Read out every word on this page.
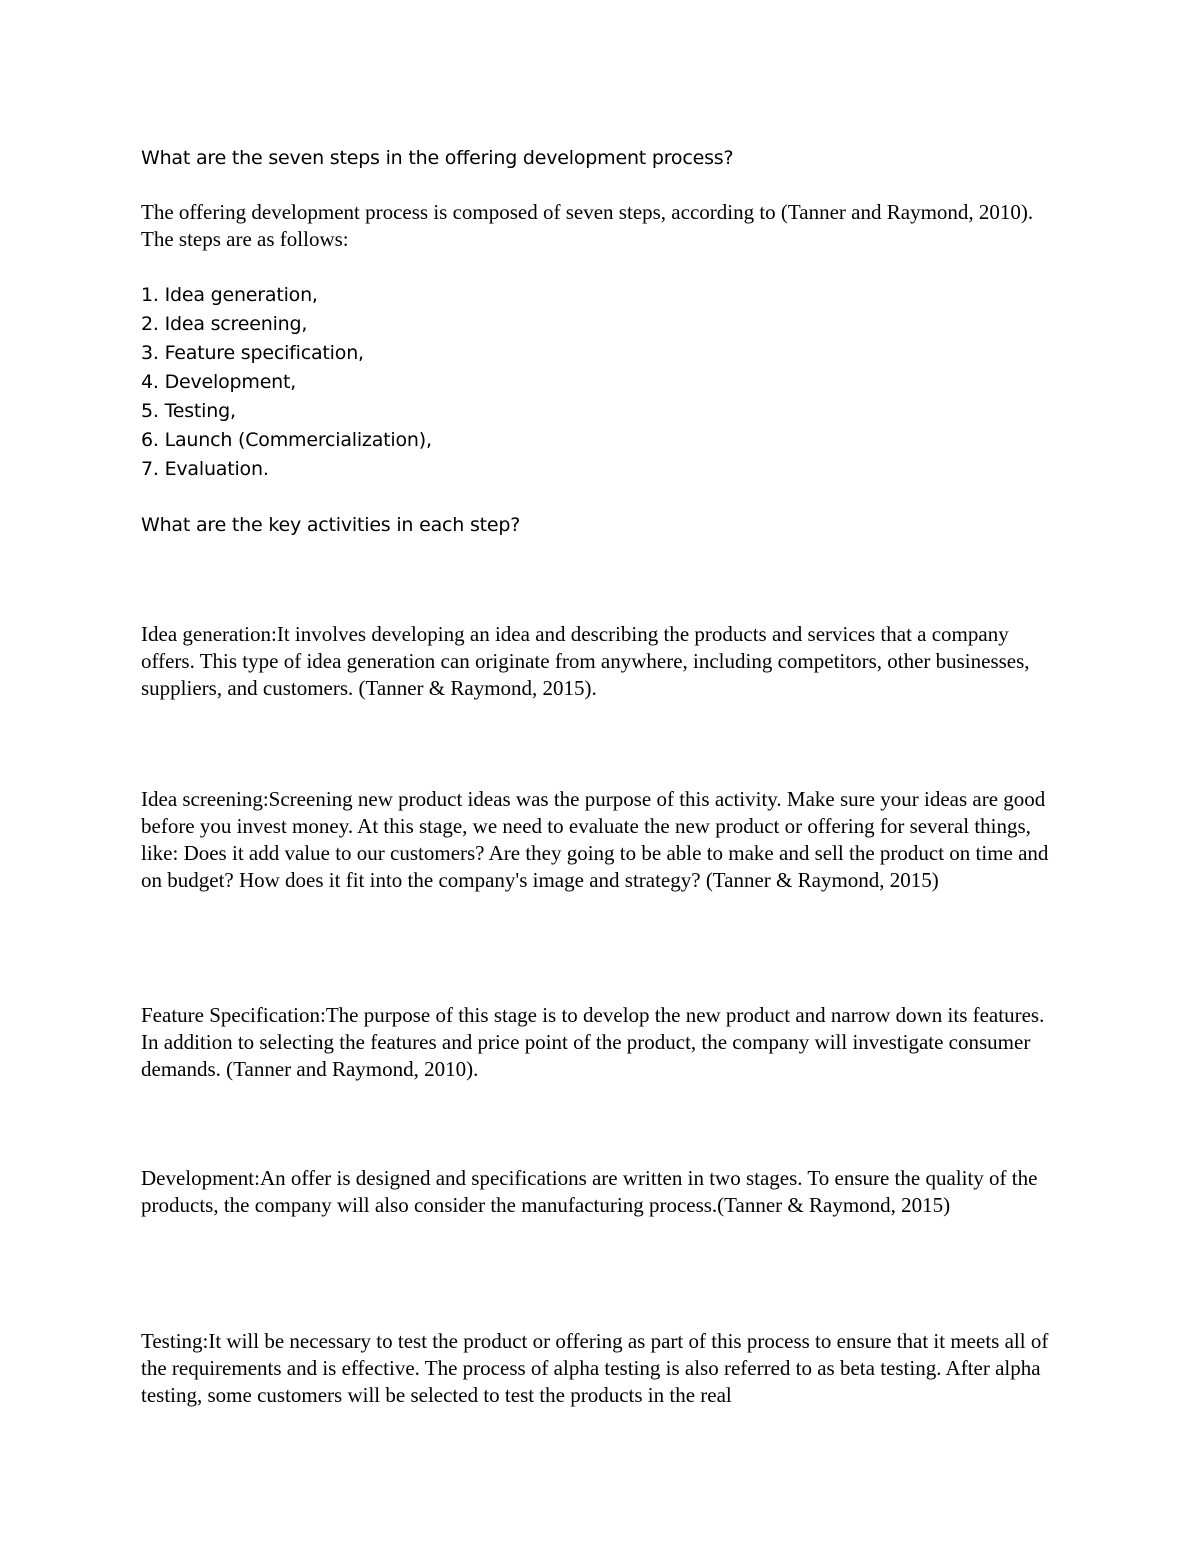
What are the seven steps in the offering development process?

The offering development process is composed of seven steps, according to (Tanner and Raymond, 2010). The steps are as follows:

1. Idea generation,
2. Idea screening,
3. Feature specification,
4. Development,
5. Testing,
6. Launch (Commercialization),
7. Evaluation.

What are the key activities in each step?

Idea generation:It involves developing an idea and describing the products and services that a company offers. This type of idea generation can originate from anywhere, including competitors, other businesses, suppliers, and customers. (Tanner & Raymond, 2015).

Idea screening:Screening new product ideas was the purpose of this activity. Make sure your ideas are good before you invest money. At this stage, we need to evaluate the new product or offering for several things, like: Does it add value to our customers? Are they going to be able to make and sell the product on time and on budget? How does it fit into the company's image and strategy? (Tanner & Raymond, 2015)

Feature Specification:The purpose of this stage is to develop the new product and narrow down its features. In addition to selecting the features and price point of the product, the company will investigate consumer demands. (Tanner and Raymond, 2010).

Development:An offer is designed and specifications are written in two stages. To ensure the quality of the products, the company will also consider the manufacturing process.(Tanner & Raymond, 2015)

Testing:It will be necessary to test the product or offering as part of this process to ensure that it meets all of the requirements and is effective. The process of alpha testing is also referred to as beta testing. After alpha testing, some customers will be selected to test the products in the real
